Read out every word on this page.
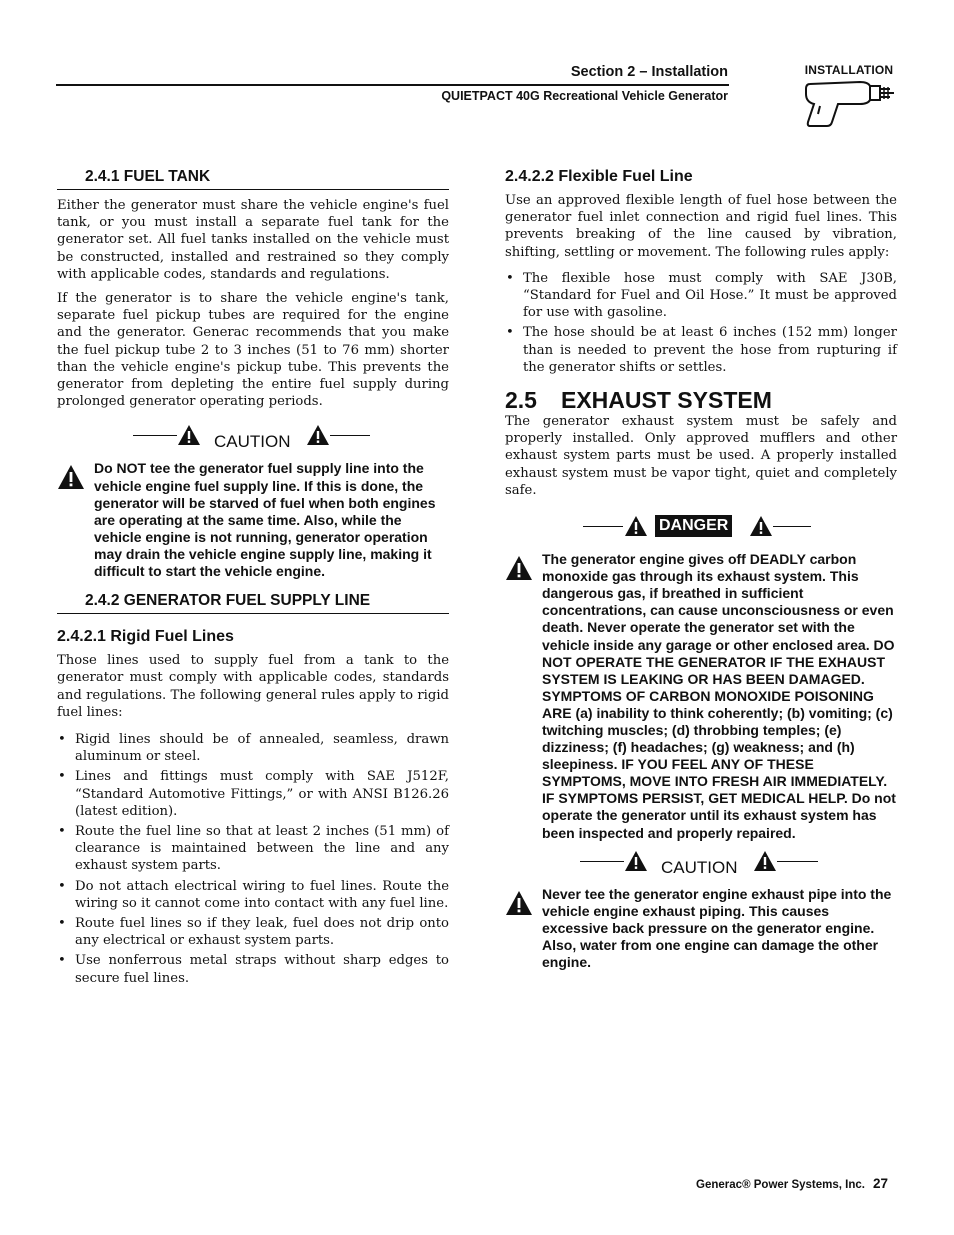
Section 2 – Installation
QUIETPACT 40G Recreational Vehicle Generator
INSTALLATION
2.4.1 FUEL TANK

Either the generator must share the vehicle engine's fuel tank, or you must install a separate fuel tank for the generator set. All fuel tanks installed on the vehicle must be constructed, installed and restrained so they comply with applicable codes, standards and regulations.

If the generator is to share the vehicle engine's tank, separate fuel pickup tubes are required for the engine and the generator. Generac recommends that you make the fuel pickup tube 2 to 3 inches (51 to 76 mm) shorter than the vehicle engine's pickup tube. This prevents the generator from depleting the entire fuel supply during prolonged generator operating periods.

CAUTION
Do NOT tee the generator fuel supply line into the vehicle engine fuel supply line. If this is done, the generator will be starved of fuel when both engines are operating at the same time. Also, while the vehicle engine is not running, generator operation may drain the vehicle engine supply line, making it difficult to start the vehicle engine.
2.4.2 GENERATOR FUEL SUPPLY LINE
2.4.2.1 Rigid Fuel Lines

Those lines used to supply fuel from a tank to the generator must comply with applicable codes, standards and regulations. The following general rules apply to rigid fuel lines:

• Rigid lines should be of annealed, seamless, drawn aluminum or steel.
• Lines and fittings must comply with SAE J512F, “Standard Automotive Fittings,” or with ANSI B126.26 (latest edition).
• Route the fuel line so that at least 2 inches (51 mm) of clearance is maintained between the line and any exhaust system parts.
• Do not attach electrical wiring to fuel lines. Route the wiring so it cannot come into contact with any fuel line.
• Route fuel lines so if they leak, fuel does not drip onto any electrical or exhaust system parts.
• Use nonferrous metal straps without sharp edges to secure fuel lines.
2.4.2.2 Flexible Fuel Line

Use an approved flexible length of fuel hose between the generator fuel inlet connection and rigid fuel lines. This prevents breaking of the line caused by vibration, shifting, settling or movement. The following rules apply:

• The flexible hose must comply with SAE J30B, “Standard for Fuel and Oil Hose.” It must be approved for use with gasoline.
• The hose should be at least 6 inches (152 mm) longer than is needed to prevent the hose from rupturing if the generator shifts or settles.
2.5 EXHAUST SYSTEM

The generator exhaust system must be safely and properly installed. Only approved mufflers and other exhaust system parts must be used. A properly installed exhaust system must be vapor tight, quiet and completely safe.

DANGER
The generator engine gives off DEADLY carbon monoxide gas through its exhaust system. This dangerous gas, if breathed in sufficient concentrations, can cause unconsciousness or even death. Never operate the generator set with the vehicle inside any garage or other enclosed area. DO NOT OPERATE THE GENERATOR IF THE EXHAUST SYSTEM IS LEAKING OR HAS BEEN DAMAGED. SYMPTOMS OF CARBON MONOXIDE POISONING ARE (a) inability to think coherently; (b) vomiting; (c) twitching muscles; (d) throbbing temples; (e) dizziness; (f) headaches; (g) weakness; and (h) sleepiness. IF YOU FEEL ANY OF THESE SYMPTOMS, MOVE INTO FRESH AIR IMMEDIATELY. IF SYMPTOMS PERSIST, GET MEDICAL HELP. Do not operate the generator until its exhaust system has been inspected and properly repaired.
CAUTION
Never tee the generator engine exhaust pipe into the vehicle engine exhaust piping. This causes excessive back pressure on the generator engine. Also, water from one engine can damage the other engine.
Generac® Power Systems, Inc. 27
